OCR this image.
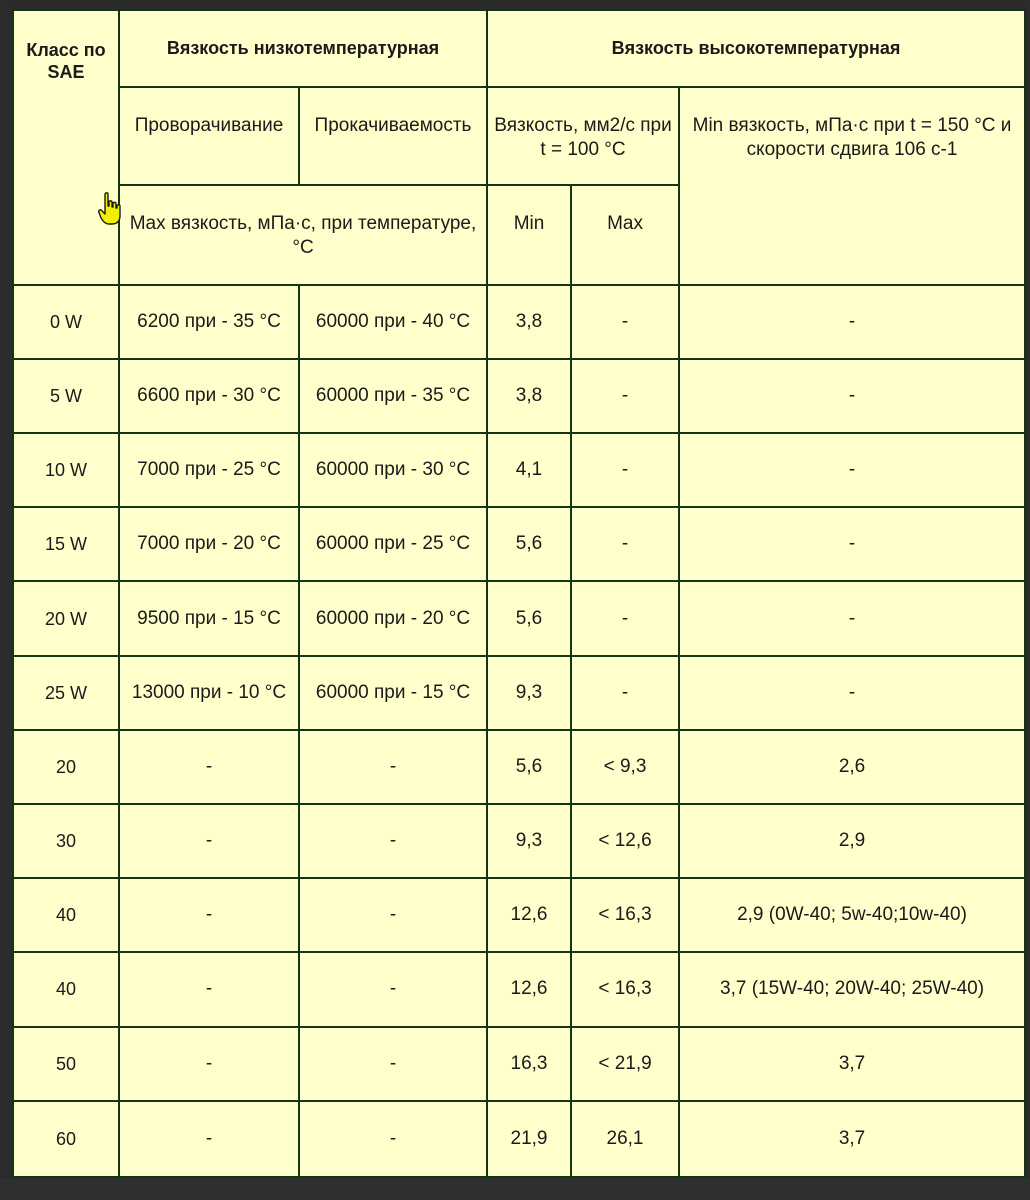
Класс по SAE	Вязкость низкотемпературная		Вязкость высокотемпературная		
	Проворачивание	Прокачиваемость	Вязкость, мм2/с при t = 100 °С		Min вязкость, мПа·с при t = 150 °С и скорости сдвига 106 с-1
	Max вязкость, мПа·с, при температуре, °С		Min	Max	
0 W	6200 при - 35 °С	60000 при - 40 °С	3,8	-	-
5 W	6600 при - 30 °С	60000 при - 35 °С	3,8	-	-
10 W	7000 при - 25 °С	60000 при - 30 °С	4,1	-	-
15 W	7000 при - 20 °С	60000 при - 25 °С	5,6	-	-
20 W	9500 при - 15 °С	60000 при - 20 °С	5,6	-	-
25 W	13000 при - 10 °С	60000 при - 15 °С	9,3	-	-
20	-	-	5,6	< 9,3	2,6
30	-	-	9,3	< 12,6	2,9
40	-	-	12,6	< 16,3	2,9 (0W-40; 5w-40;10w-40)
40	-	-	12,6	< 16,3	3,7 (15W-40; 20W-40; 25W-40)
50	-	-	16,3	< 21,9	3,7
60	-	-	21,9	26,1	3,7
